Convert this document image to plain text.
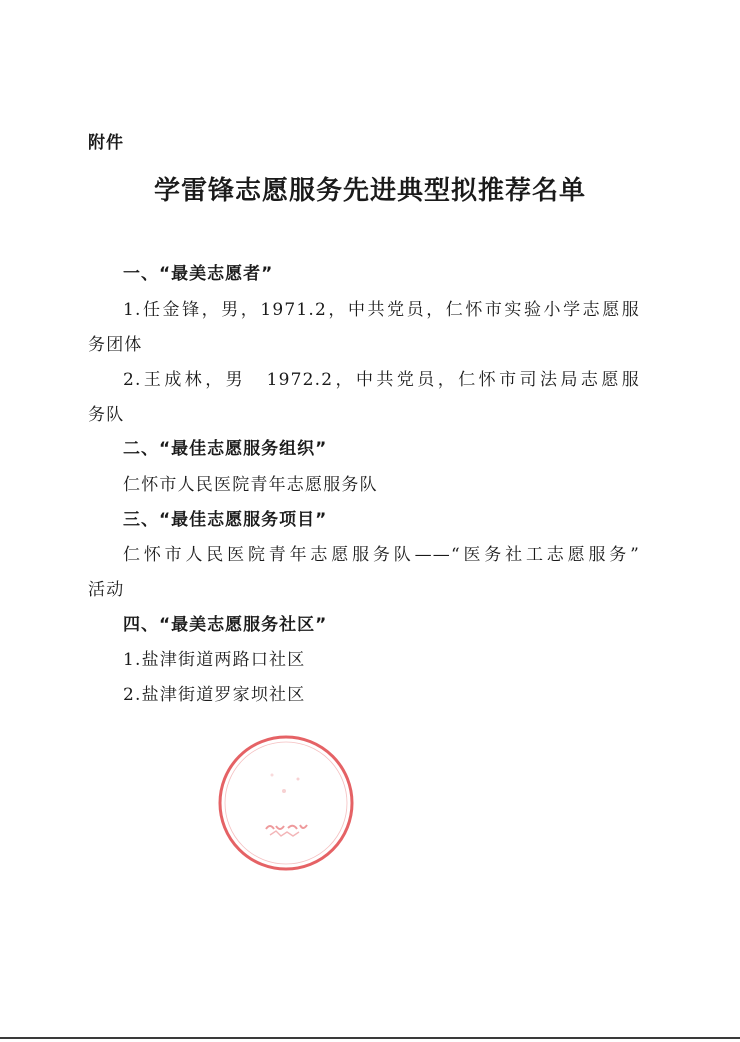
附件
学雷锋志愿服务先进典型拟推荐名单
一、“最美志愿者”
1.任金锋，男，1971.2，中共党员，仁怀市实验小学志愿服
务团体
2.王成林，男　1972.2，中共党员，仁怀市司法局志愿服
务队
二、“最佳志愿服务组织”
仁怀市人民医院青年志愿服务队
三、“最佳志愿服务项目”
仁怀市人民医院青年志愿服务队——“医务社工志愿服务”
活动
四、“最美志愿服务社区”
1.盐津街道两路口社区
2.盐津街道罗家坝社区
